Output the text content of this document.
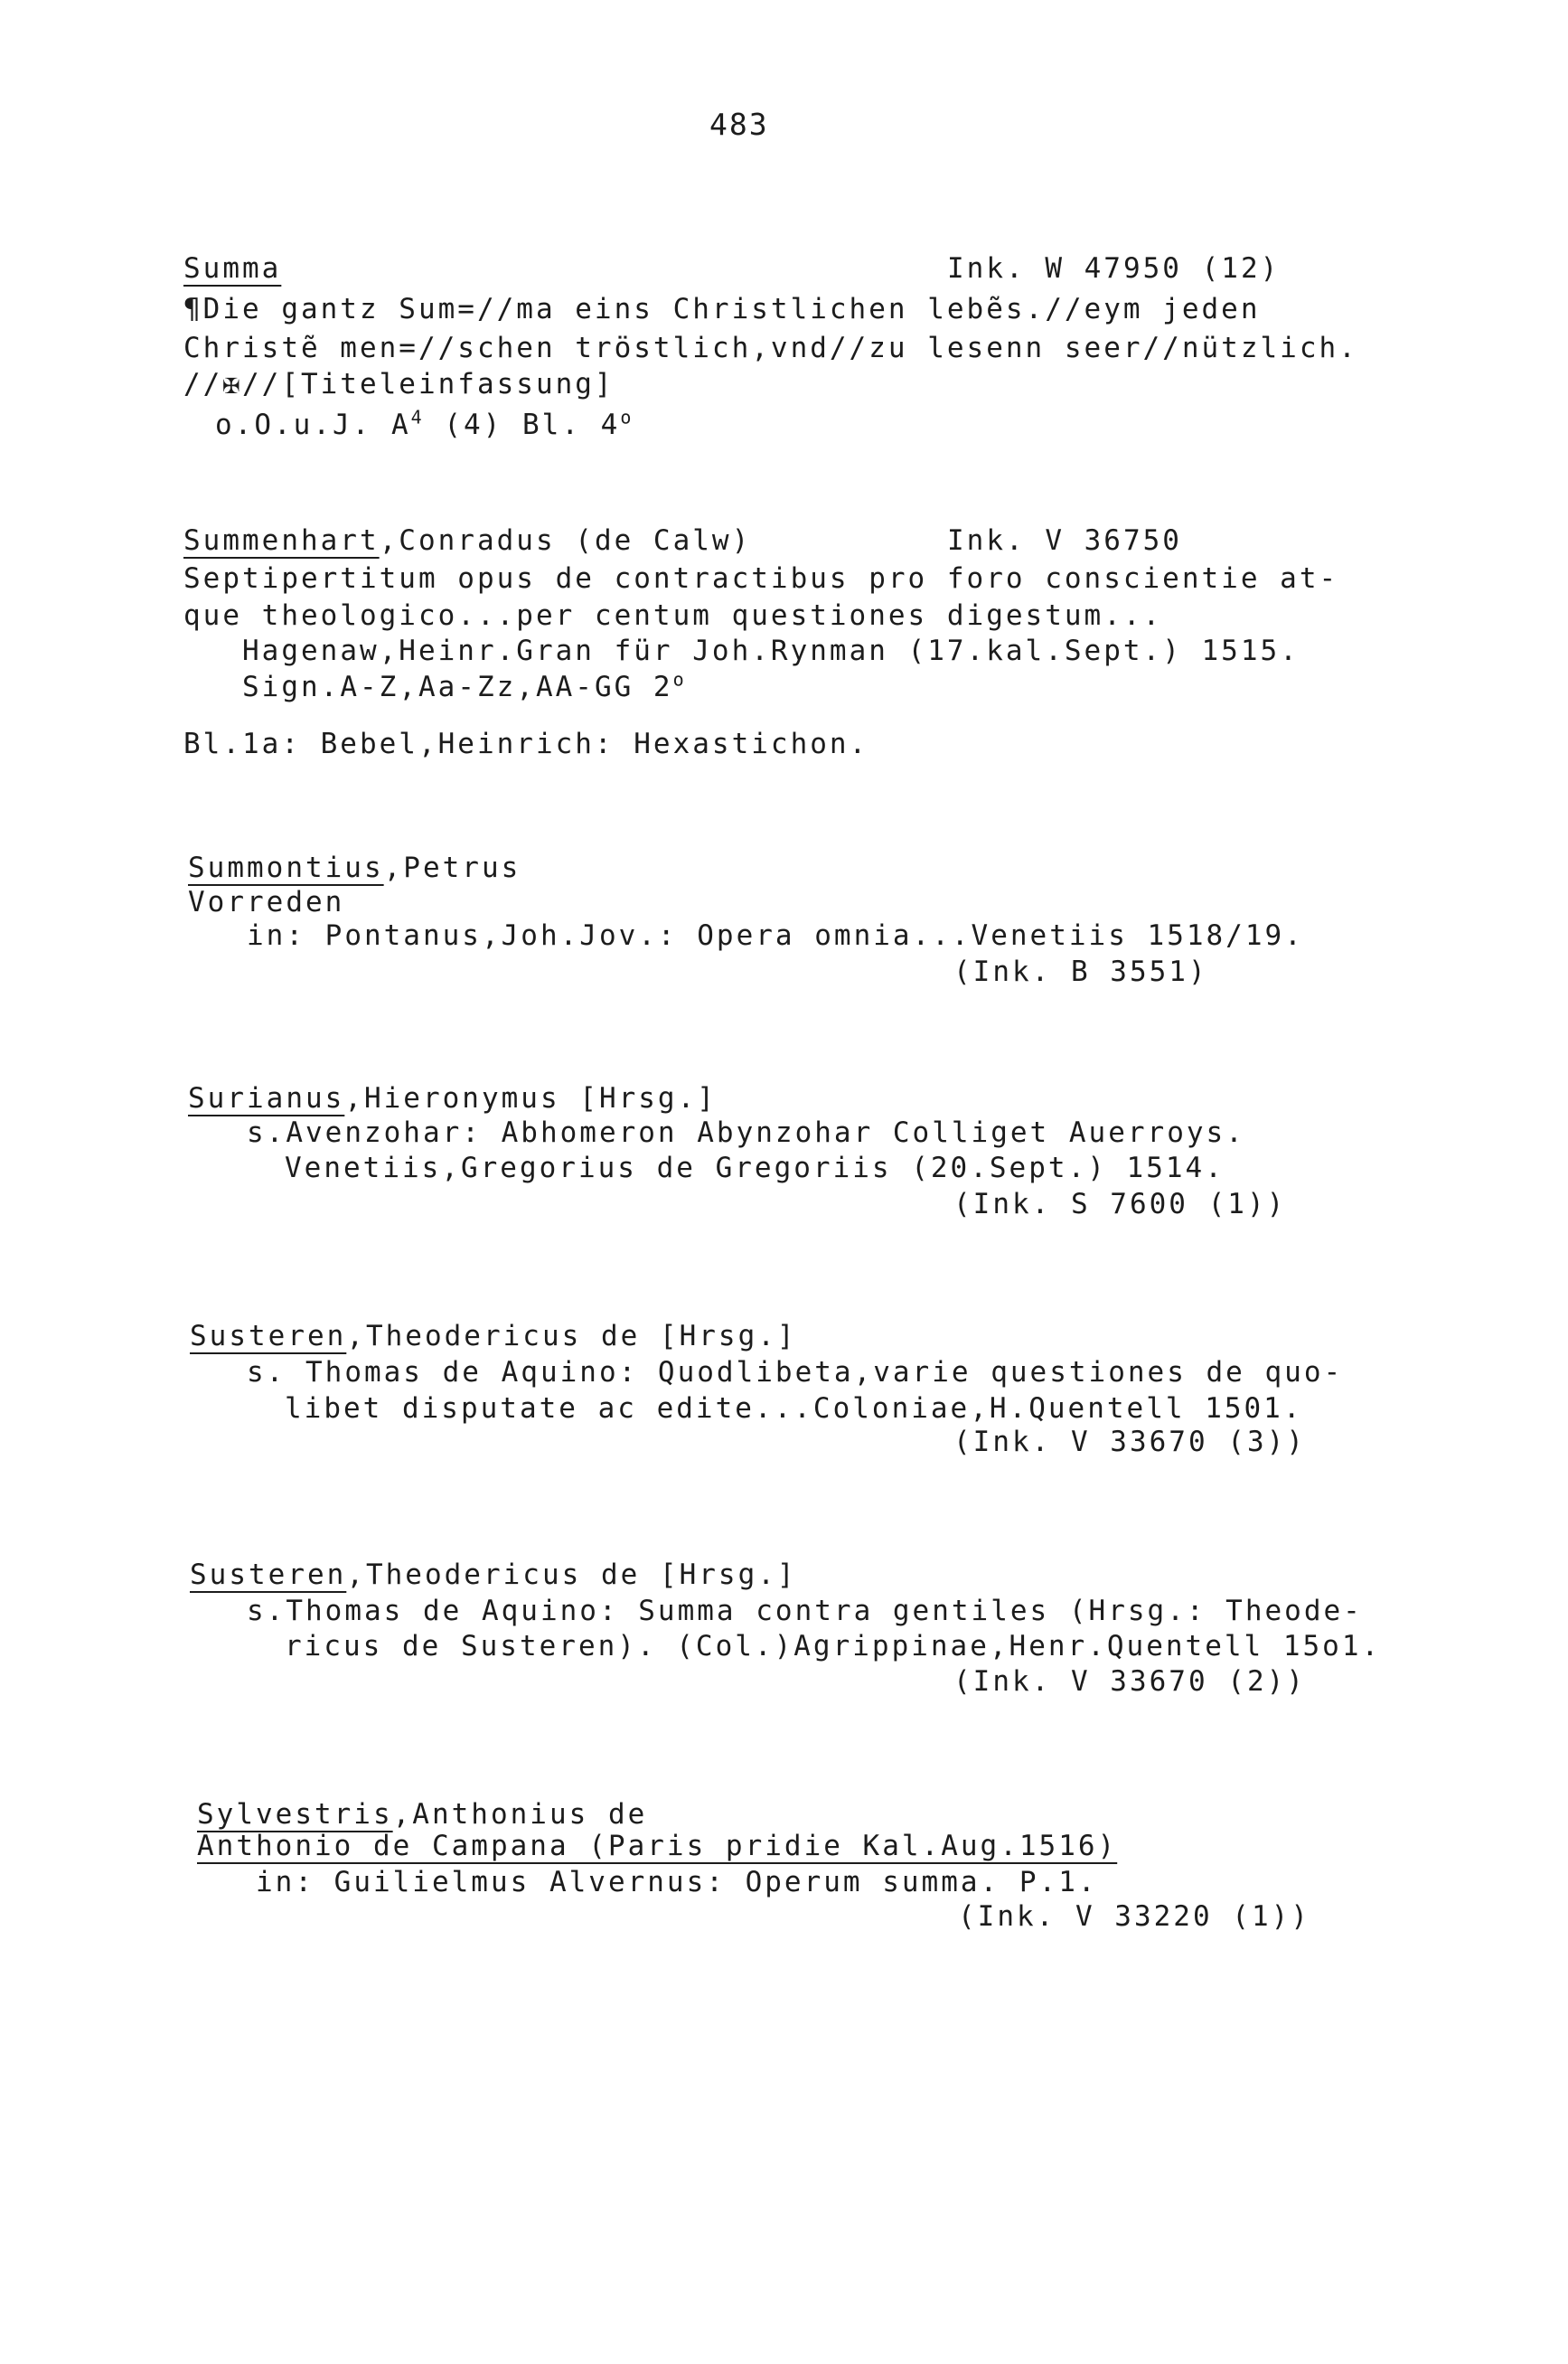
483
Summa	Ink. W 47950 (12)
¶Die gantz Sum=//ma eins Christlichen lebẽs.//eym jeden
Christẽ men=//schen tröstlich,vnd//zu lesenn seer//nützlich.
//✠//[Titeleinfassung]
o.O.u.J. $A^4$ (4) Bl. 4$^o$
Summenhart,Conradus (de Calw)	Ink. V 36750
Septipertitum opus de contractibus pro foro conscientie at-
que theologico...per centum questiones digestum...
Hagenaw,Heinr.Gran für Joh.Rynman (17.kal.Sept.) 1515.
Sign.A-Z,Aa-Zz,AA-GG 2$^o$
Bl.1a: Bebel,Heinrich: Hexastichon.
Summontius,Petrus
Vorreden
in: Pontanus,Joh.Jov.: Opera omnia...Venetiis 1518/19.
(Ink. B 3551)
Surianus,Hieronymus [Hrsg.]
s.Avenzohar: Abhomeron Abynzohar Colliget Auerroys.
Venetiis,Gregorius de Gregoriis (20.Sept.) 1514.
(Ink. S 7600 (1))
Susteren,Theodericus de [Hrsg.]
s. Thomas de Aquino: Quodlibeta,varie questiones de quo-
libet disputate ac edite...Coloniae,H.Quentell 1501.
(Ink. V 33670 (3))
Susteren,Theodericus de [Hrsg.]
s.Thomas de Aquino: Summa contra gentiles (Hrsg.: Theode-
ricus de Susteren). (Col.)Agrippinae,Henr.Quentell 15o1.
(Ink. V 33670 (2))
Sylvestris,Anthonius de
Anthonio de Campana (Paris pridie Kal.Aug.1516)
in: Guilielmus Alvernus: Operum summa. P.1.
(Ink. V 33220 (1))
